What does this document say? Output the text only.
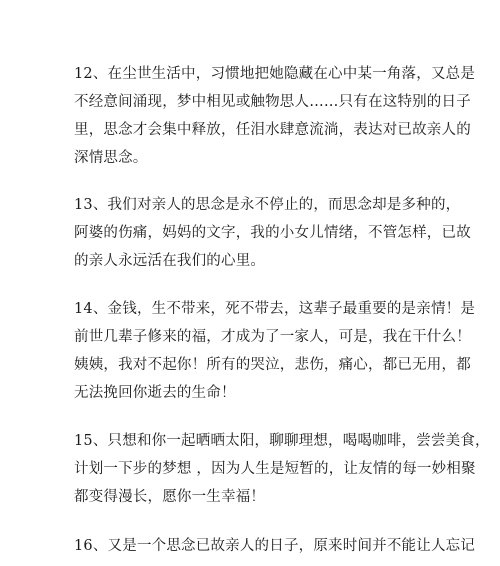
12、在尘世生活中，习惯地把她隐藏在心中某一角落，又总是
不经意间涌现，梦中相见或触物思人……只有在这特别的日子
里，思念才会集中释放，任泪水肆意流淌，表达对已故亲人的
深情思念。
13、我们对亲人的思念是永不停止的，而思念却是多种的，
阿婆的伤痛，妈妈的文字，我的小女儿情绪，不管怎样，已故
的亲人永远活在我们的心里。
14、金钱，生不带来，死不带去，这辈子最重要的是亲情！是
前世几辈子修来的福，才成为了一家人，可是，我在干什么！
姨姨，我对不起你！所有的哭泣，悲伤，痛心，都已无用，都
无法挽回你逝去的生命！
15、只想和你一起晒晒太阳，聊聊理想，喝喝咖啡，尝尝美食，
计划一下步的梦想 ，因为人生是短暂的，让友情的每一妙相聚
都变得漫长，愿你一生幸福！
16、又是一个思念已故亲人的日子，原来时间并不能让人忘记
